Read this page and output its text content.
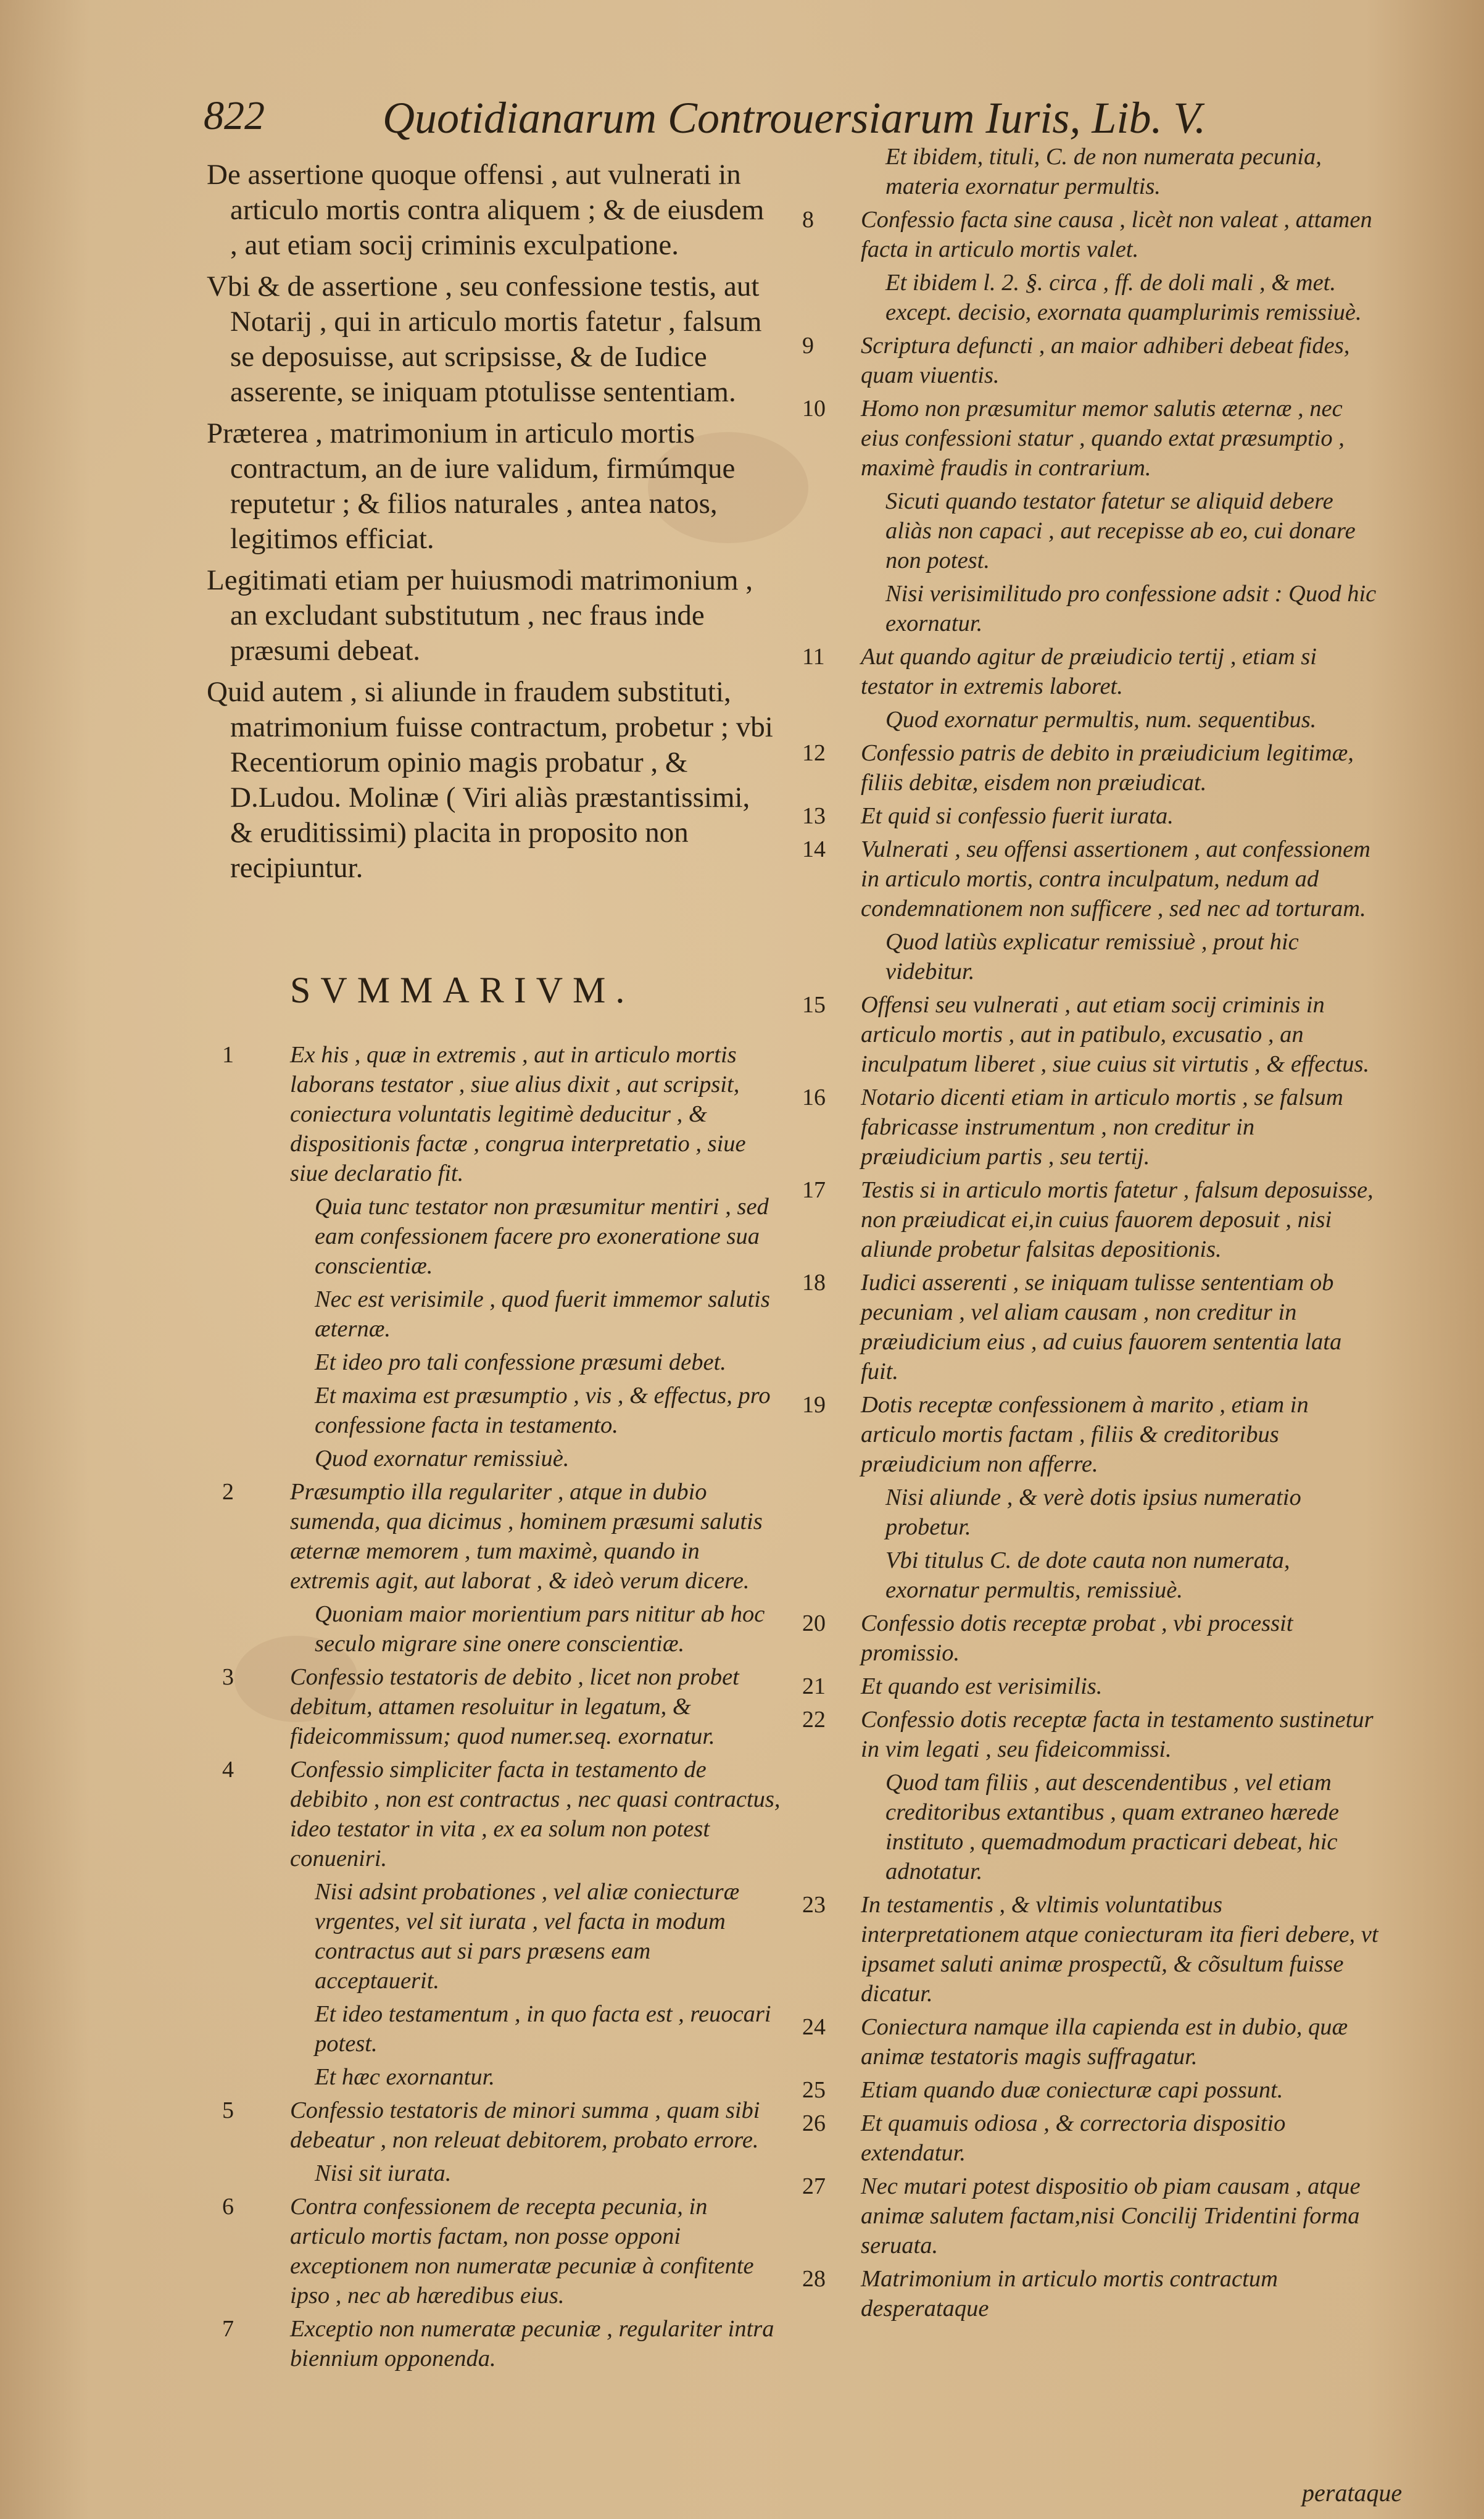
822	Quotidianarum Controuersiarum Iuris, Lib. V.

De assertione quoque offensi , aut vulnerati in articulo mortis contra aliquem ; & de eiusdem , aut etiam socij criminis exculpatione.

Vbi & de assertione , seu confessione testis, aut Notarij , qui in articulo mortis fatetur , falsum se deposuisse, aut scripsisse, & de Iudice asserente, se iniquam ptotulisse sententiam.

Præterea , matrimonium in articulo mortis contractum, an de iure validum, firmúmque reputetur ; & filios naturales , antea natos, legitimos efficiat.

Legitimati etiam per huiusmodi matrimonium , an excludant substitutum , nec fraus inde præsumi debeat.

Quid autem , si aliunde in fraudem substituti, matrimonium fuisse contractum, probetur ; vbi Recentiorum opinio magis probatur , & D.Ludou. Molinæ ( Viri aliàs præstantissimi, & eruditissimi) placita in proposito non recipiuntur.

SVMMARIVM.
1	Ex his , quæ in extremis , aut in articulo mortis laborans testator , siue alius dixit , aut scripsit, coniectura voluntatis legitimè deducitur , & dispositionis factæ , congrua interpretatio , siue siue declaratio fit.
Quia tunc testator non præsumitur mentiri , sed eam confessionem facere pro exoneratione sua conscientiæ.
Nec est verisimile , quod fuerit immemor salutis æternæ.
Et ideo pro tali confessione præsumi debet.
Et maxima est præsumptio , vis , & effectus, pro confessione facta in testamento.
Quod exornatur remissiuè.
2	Præsumptio illa regulariter , atque in dubio sumenda, qua dicimus , hominem præsumi salutis æternæ memorem , tum maximè, quando in extremis agit, aut laborat , & ideò verum dicere.
Quoniam maior morientium pars nititur ab hoc seculo migrare sine onere conscientiæ.
3	Confessio testatoris de debito , licet non probet debitum, attamen resoluitur in legatum, & fideicommissum; quod numer.seq. exornatur.
4	Confessio simpliciter facta in testamento de debibito , non est contractus , nec quasi contractus, ideo testator in vita , ex ea solum non potest conueniri.
Nisi adsint probationes , vel aliæ coniecturæ vrgentes, vel sit iurata , vel facta in modum contractus aut si pars præsens eam acceptauerit.
Et ideo testamentum , in quo facta est , reuocari potest.
Et hæc exornantur.
5	Confessio testatoris de minori summa , quam sibi debeatur , non releuat debitorem, probato errore.
Nisi sit iurata.
6	Contra confessionem de recepta pecunia, in articulo mortis factam, non posse opponi exceptionem non numeratæ pecuniæ à confitente ipso , nec ab hæredibus eius.
7	Exceptio non numeratæ pecuniæ , regulariter intra biennium opponenda.
Et ibidem, tituli, C. de non numerata pecunia, materia exornatur permultis.
8	Confessio facta sine causa , licèt non valeat , attamen facta in articulo mortis valet.
Et ibidem l. 2. §. circa , ff. de doli mali , & met. except. decisio, exornata quamplurimis remissiuè.
9	Scriptura defuncti , an maior adhiberi debeat fides, quam viuentis.
10	Homo non præsumitur memor salutis æternæ , nec eius confessioni statur , quando extat præsumptio , maximè fraudis in contrarium.
Sicuti quando testator fatetur se aliquid debere aliàs non capaci , aut recepisse ab eo, cui donare non potest.
Nisi verisimilitudo pro confessione adsit : Quod hic exornatur.
11	Aut quando agitur de præiudicio tertij , etiam si testator in extremis laboret.
Quod exornatur permultis, num. sequentibus.
12	Confessio patris de debito in præiudicium legitimæ, filiis debitæ, eisdem non præiudicat.
13	Et quid si confessio fuerit iurata.
14	Vulnerati , seu offensi assertionem , aut confessionem in articulo mortis, contra inculpatum, nedum ad condemnationem non sufficere , sed nec ad torturam.
Quod latiùs explicatur remissiuè , prout hic videbitur.
15	Offensi seu vulnerati , aut etiam socij criminis in articulo mortis , aut in patibulo, excusatio , an inculpatum liberet , siue cuius sit virtutis , & effectus.
16	Notario dicenti etiam in articulo mortis , se falsum fabricasse instrumentum , non creditur in præiudicium partis , seu tertij.
17	Testis si in articulo mortis fatetur , falsum deposuisse, non præiudicat ei,in cuius fauorem deposuit , nisi aliunde probetur falsitas depositionis.
18	Iudici asserenti , se iniquam tulisse sententiam ob pecuniam , vel aliam causam , non creditur in præiudicium eius , ad cuius fauorem sententia lata fuit.
19	Dotis receptæ confessionem à marito , etiam in articulo mortis factam , filiis & creditoribus præiudicium non afferre.
Nisi aliunde , & verè dotis ipsius numeratio probetur.
Vbi titulus C. de dote cauta non numerata, exornatur permultis, remissiuè.
20	Confessio dotis receptæ probat , vbi processit promissio.
21	Et quando est verisimilis.
22	Confessio dotis receptæ facta in testamento sustinetur in vim legati , seu fideicommissi.
Quod tam filiis , aut descendentibus , vel etiam creditoribus extantibus , quam extraneo hærede instituto , quemadmodum practicari debeat, hic adnotatur.
23	In testamentis , & vltimis voluntatibus interpretationem atque coniecturam ita fieri debere, vt ipsamet saluti animæ prospectũ, & cõsultum fuisse dicatur.
24	Coniectura namque illa capienda est in dubio, quæ animæ testatoris magis suffragatur.
25	Etiam quando duæ coniecturæ capi possunt.
26	Et quamuis odiosa , & correctoria dispositio extendatur.
27	Nec mutari potest dispositio ob piam causam , atque animæ salutem factam,nisi Concilij Tridentini forma seruata.
28	Matrimonium in articulo mortis contractum desperataque
perataque
